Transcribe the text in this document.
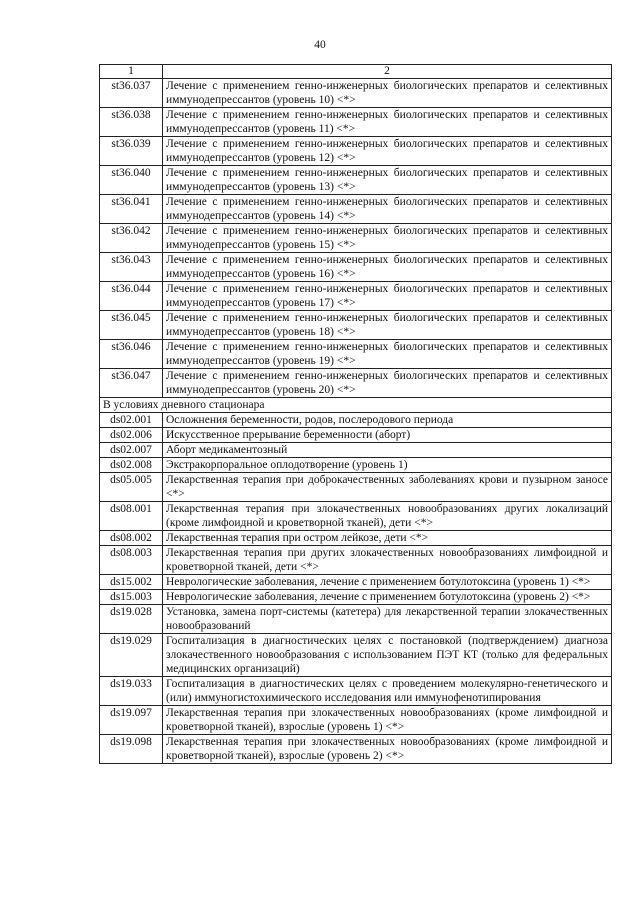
40
1	2
st36.037	Лечение с применением генно-инженерных биологических препаратов и селективных иммунодепрессантов (уровень 10) <*>
st36.038	Лечение с применением генно-инженерных биологических препаратов и селективных иммунодепрессантов (уровень 11) <*>
st36.039	Лечение с применением генно-инженерных биологических препаратов и селективных иммунодепрессантов (уровень 12) <*>
st36.040	Лечение с применением генно-инженерных биологических препаратов и селективных иммунодепрессантов (уровень 13) <*>
st36.041	Лечение с применением генно-инженерных биологических препаратов и селективных иммунодепрессантов (уровень 14) <*>
st36.042	Лечение с применением генно-инженерных биологических препаратов и селективных иммунодепрессантов (уровень 15) <*>
st36.043	Лечение с применением генно-инженерных биологических препаратов и селективных иммунодепрессантов (уровень 16) <*>
st36.044	Лечение с применением генно-инженерных биологических препаратов и селективных иммунодепрессантов (уровень 17) <*>
st36.045	Лечение с применением генно-инженерных биологических препаратов и селективных иммунодепрессантов (уровень 18) <*>
st36.046	Лечение с применением генно-инженерных биологических препаратов и селективных иммунодепрессантов (уровень 19) <*>
st36.047	Лечение с применением генно-инженерных биологических препаратов и селективных иммунодепрессантов (уровень 20) <*>
В условиях дневного стационара	
ds02.001	Осложнения беременности, родов, послеродового периода
ds02.006	Искусственное прерывание беременности (аборт)
ds02.007	Аборт медикаментозный
ds02.008	Экстракорпоральное оплодотворение (уровень 1)
ds05.005	Лекарственная терапия при доброкачественных заболеваниях крови и пузырном заносе <*>
ds08.001	Лекарственная терапия при злокачественных новообразованиях других локализаций (кроме лимфоидной и кроветворной тканей), дети <*>
ds08.002	Лекарственная терапия при остром лейкозе, дети <*>
ds08.003	Лекарственная терапия при других злокачественных новообразованиях лимфоидной и кроветворной тканей, дети <*>
ds15.002	Неврологические заболевания, лечение с применением ботулотоксина (уровень 1) <*>
ds15.003	Неврологические заболевания, лечение с применением ботулотоксина (уровень 2) <*>
ds19.028	Установка, замена порт-системы (катетера) для лекарственной терапии злокачественных новообразований
ds19.029	Госпитализация в диагностических целях с постановкой (подтверждением) диагноза злокачественного новообразования с использованием ПЭТ КТ (только для федеральных медицинских организаций)
ds19.033	Госпитализация в диагностических целях с проведением молекулярно-генетического и (или) иммуногистохимического исследования или иммунофенотипирования
ds19.097	Лекарственная терапия при злокачественных новообразованиях (кроме лимфоидной и кроветворной тканей), взрослые (уровень 1) <*>
ds19.098	Лекарственная терапия при злокачественных новообразованиях (кроме лимфоидной и кроветворной тканей), взрослые (уровень 2) <*>
